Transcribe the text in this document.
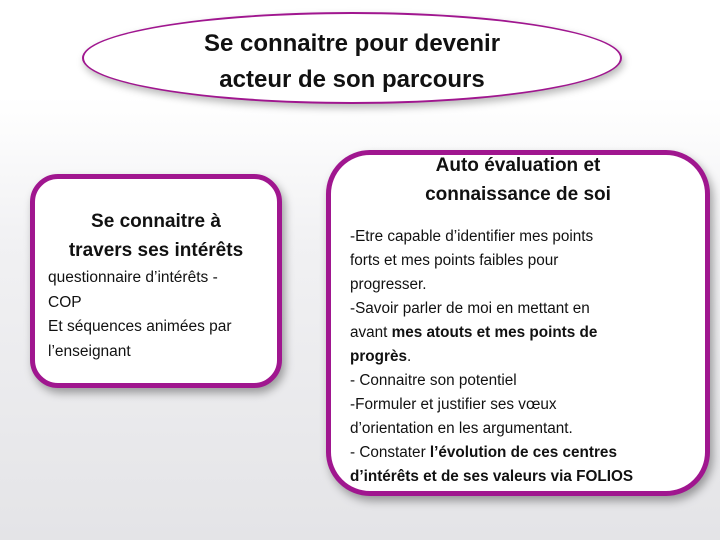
Se connaitre pour devenir
acteur de son parcours
Se connaitre à
travers ses intérêts
questionnaire d’intérêts -
COP
Et séquences animées par
l’enseignant
Auto évaluation et
connaissance de soi
-Etre capable d’identifier mes points
forts et mes points faibles pour
progresser.
-Savoir parler de moi en mettant en
avant mes atouts et mes points de
progrès.
- Connaitre son potentiel
-Formuler et justifier ses vœux
d’orientation en les argumentant.
- Constater l’évolution de ces centres
d’intérêts et de ses valeurs via FOLIOS
